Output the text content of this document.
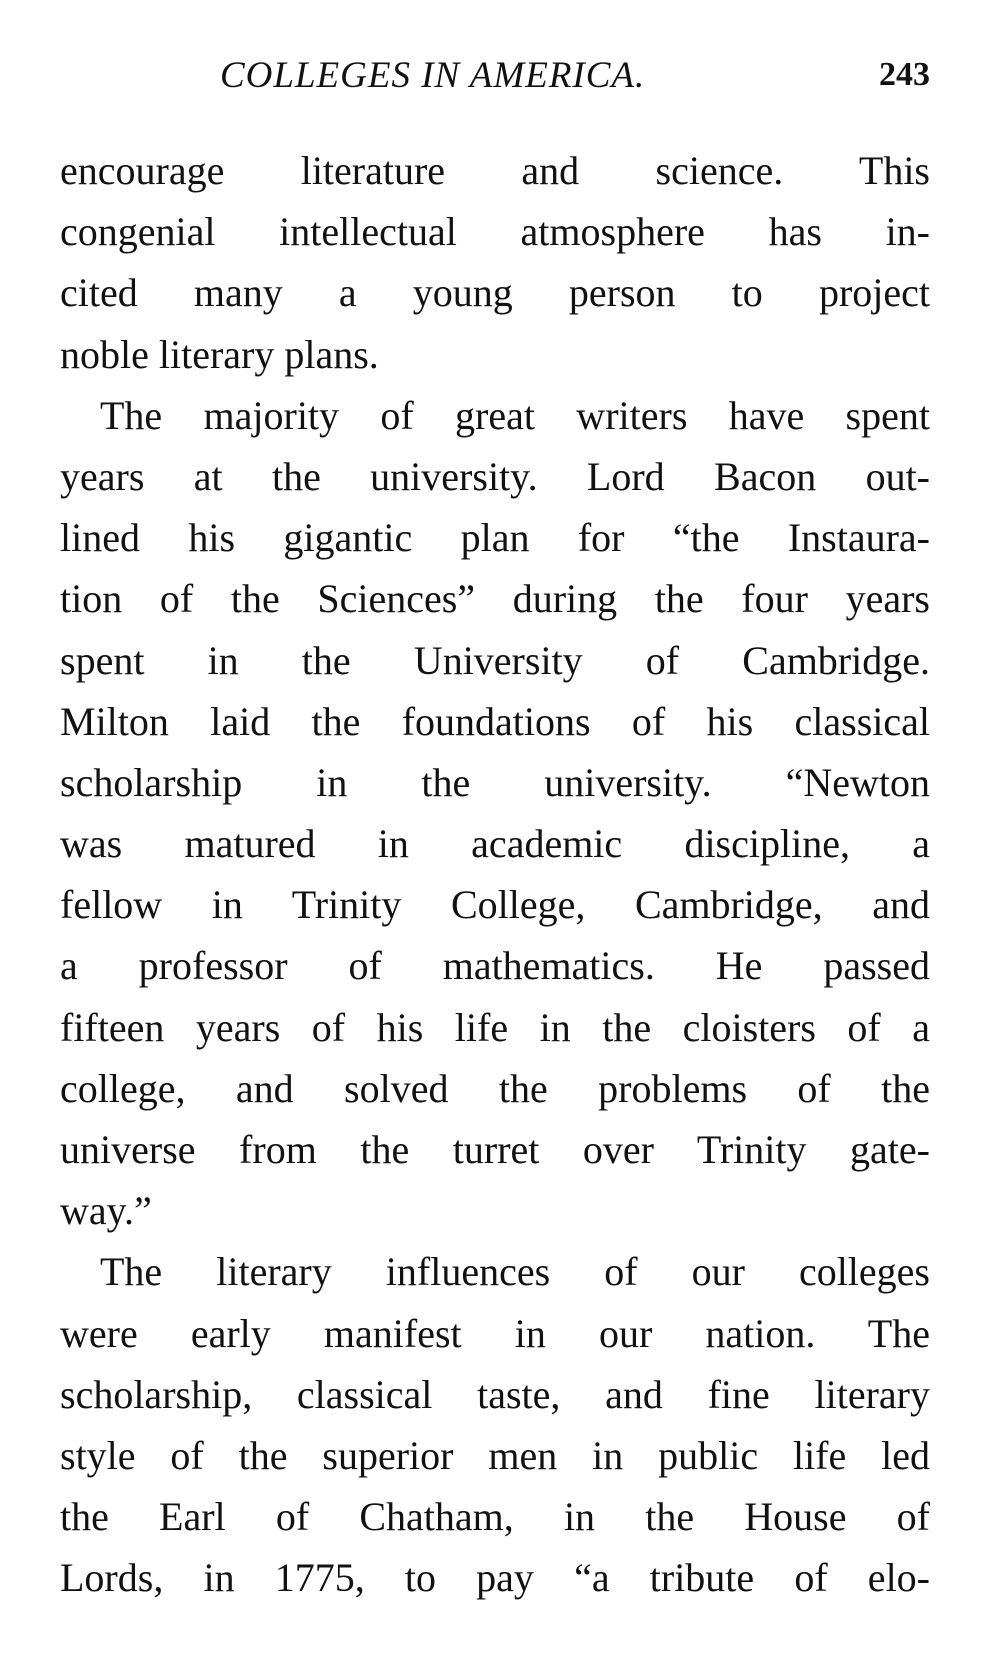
COLLEGES IN AMERICA.	243
encourage literature and science. This
congenial intellectual atmosphere has in-
cited many a young person to project
noble literary plans.
The majority of great writers have spent
years at the university. Lord Bacon out-
lined his gigantic plan for “the Instaura-
tion of the Sciences” during the four years
spent in the University of Cambridge.
Milton laid the foundations of his classical
scholarship in the university. “Newton
was matured in academic discipline, a
fellow in Trinity College, Cambridge, and
a professor of mathematics. He passed
fifteen years of his life in the cloisters of a
college, and solved the problems of the
universe from the turret over Trinity gate-
way.”
The literary influences of our colleges
were early manifest in our nation. The
scholarship, classical taste, and fine literary
style of the superior men in public life led
the Earl of Chatham, in the House of
Lords, in 1775, to pay “a tribute of elo-
